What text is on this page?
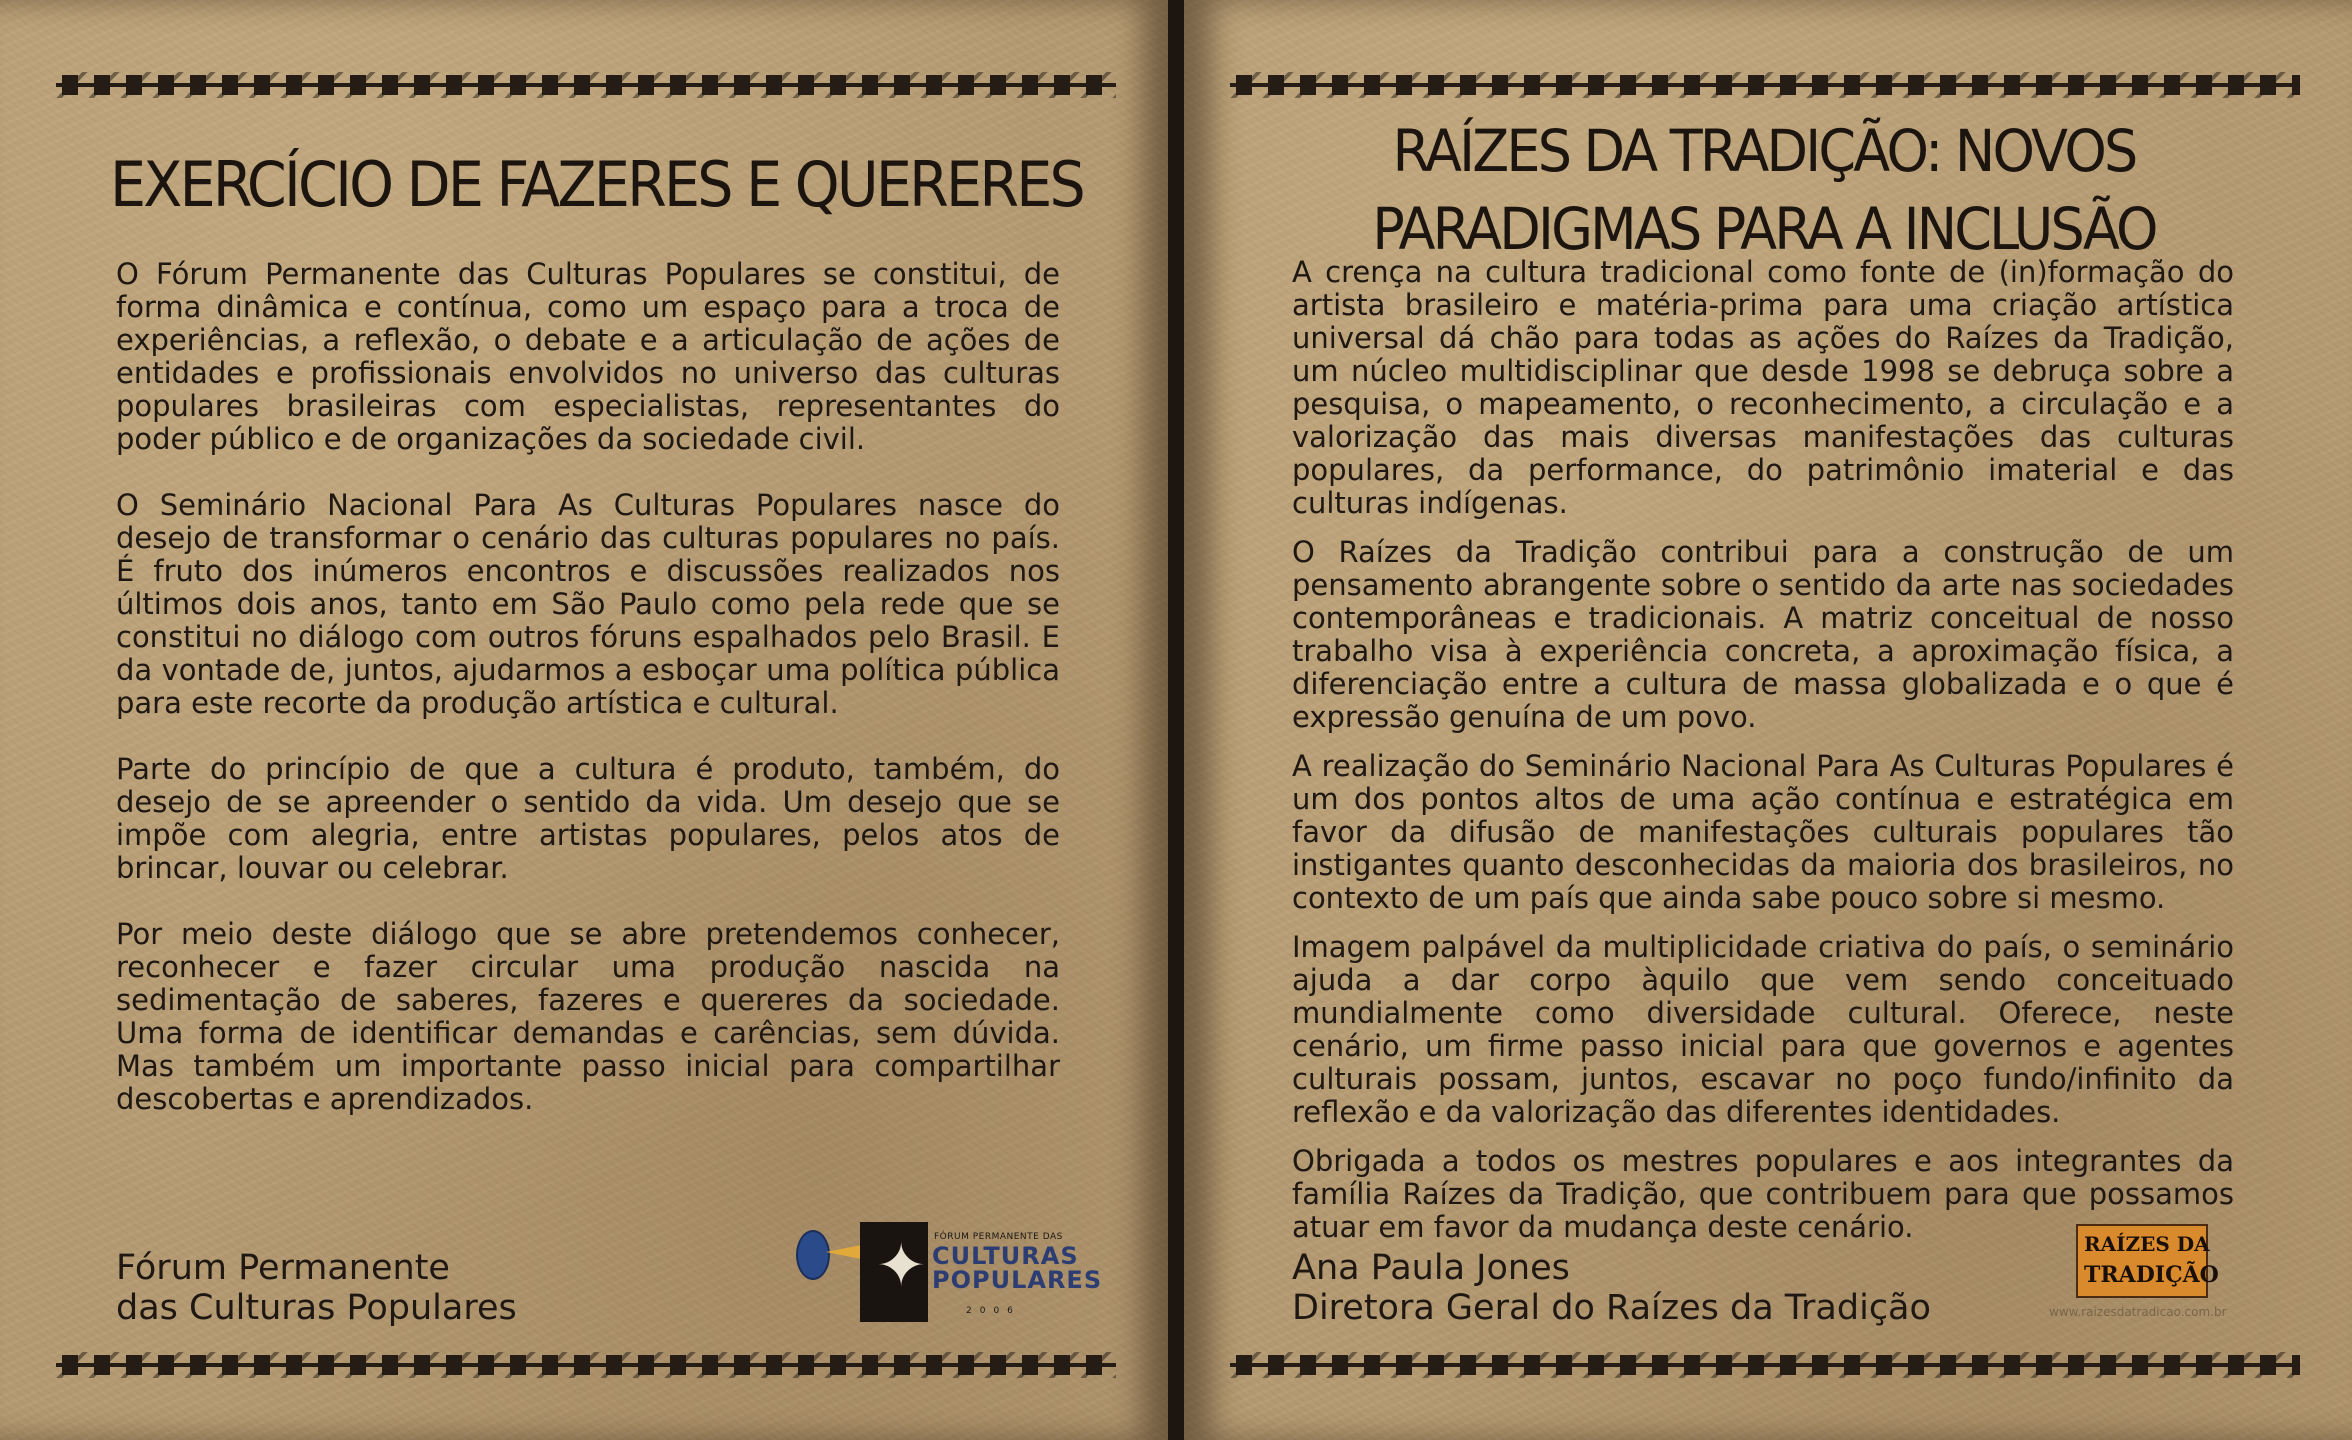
EXERCÍCIO DE FAZERES E QUERERES

O Fórum Permanente das Culturas Populares se constitui, de forma dinâmica e contínua, como um espaço para a troca de experiências, a reflexão, o debate e a articulação de ações de entidades e profissionais envolvidos no universo das culturas populares brasileiras com especialistas, representantes do poder público e de organizações da sociedade civil.

O Seminário Nacional Para As Culturas Populares nasce do desejo de transformar o cenário das culturas populares no país. É fruto dos inúmeros encontros e discussões realizados nos últimos dois anos, tanto em São Paulo como pela rede que se constitui no diálogo com outros fóruns espalhados pelo Brasil. E da vontade de, juntos, ajudarmos a esboçar uma política pública para este recorte da produção artística e cultural.

Parte do princípio de que a cultura é produto, também, do desejo de se apreender o sentido da vida. Um desejo que se impõe com alegria, entre artistas populares, pelos atos de brincar, louvar ou celebrar.

Por meio deste diálogo que se abre pretendemos conhecer, reconhecer e fazer circular uma produção nascida na sedimentação de saberes, fazeres e quereres da sociedade. Uma forma de identificar demandas e carências, sem dúvida. Mas também um importante passo inicial para compartilhar descobertas e aprendizados.

Fórum Permanente
das Culturas Populares
✦ FÓRUM PERMANENTE DAS
CULTURAS
POPULARES
2006
RAÍZES DA TRADIÇÃO: NOVOS
PARADIGMAS PARA A INCLUSÃO

A crença na cultura tradicional como fonte de (in)formação do artista brasileiro e matéria-prima para uma criação artística universal dá chão para todas as ações do Raízes da Tradição, um núcleo multidisciplinar que desde 1998 se debruça sobre a pesquisa, o mapeamento, o reconhecimento, a circulação e a valorização das mais diversas manifestações das culturas populares, da performance, do patrimônio imaterial e das culturas indígenas.

O Raízes da Tradição contribui para a construção de um pensamento abrangente sobre o sentido da arte nas sociedades contemporâneas e tradicionais. A matriz conceitual de nosso trabalho visa à experiência concreta, a aproximação física, a diferenciação entre a cultura de massa globalizada e o que é expressão genuína de um povo.

A realização do Seminário Nacional Para As Culturas Populares é um dos pontos altos de uma ação contínua e estratégica em favor da difusão de manifestações culturais populares tão instigantes quanto desconhecidas da maioria dos brasileiros, no contexto de um país que ainda sabe pouco sobre si mesmo.

Imagem palpável da multiplicidade criativa do país, o seminário ajuda a dar corpo àquilo que vem sendo conceituado mundialmente como diversidade cultural. Oferece, neste cenário, um firme passo inicial para que governos e agentes culturais possam, juntos, escavar no poço fundo/infinito da reflexão e da valorização das diferentes identidades.

Obrigada a todos os mestres populares e aos integrantes da família Raízes da Tradição, que contribuem para que possamos atuar em favor da mudança deste cenário.

Ana Paula Jones
Diretora Geral do Raízes da Tradição
RAÍZES DA
TRADIÇÃO
www.raizesdatradicao.com.br
